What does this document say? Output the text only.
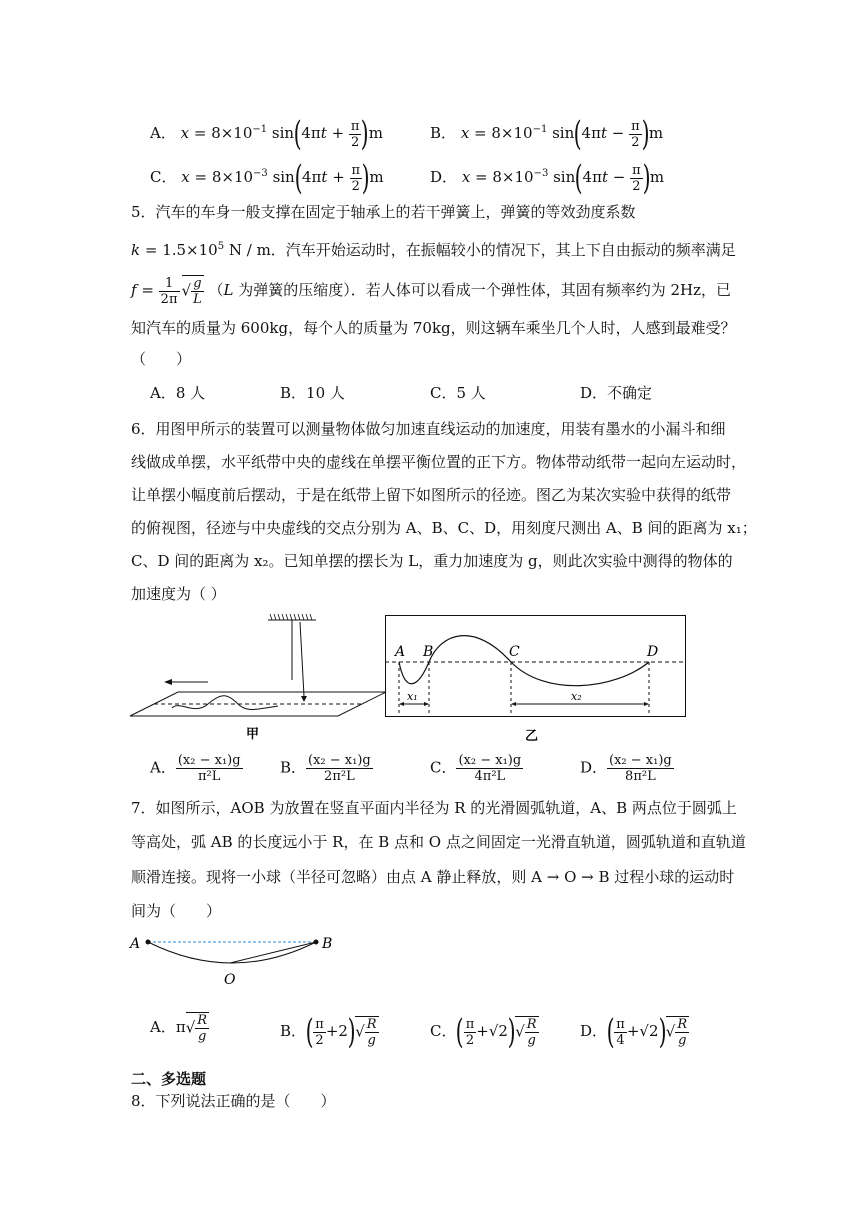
A． $x = 8\times 10^{-1}$ $\sin(4\pi t + \frac{\pi}{2} )m$	B． $x = 8\times 10^{-1}$ $\sin(4\pi t - \frac{\pi}{2} )m$
C． $x = 8\times 10^{-3}$ $\sin(4\pi t + \frac{\pi}{2} )m$	D． $x = 8\times 10^{-3}$ $\sin(4\pi t - \frac{\pi}{2} )m$
5．汽车的车身一般支撑在固定于轴承上的若干弹簧上，弹簧的等效劲度系数
$k = 1.5\times 10^5$ N / m．汽车开始运动时，在振幅较小的情况下，其上下自由振动的频率满足
$f = \frac{1}{2\pi}$ √ $\frac{g}{L} (L$ 为弹簧的压缩度）．若人体可以看成一个弹性体，其固有频率约为 2Hz，已
知汽车的质量为 600kg，每个人的质量为 70kg，则这辆车乘坐几个人时，人感到最难受？
（　　）
A．8 人	B．10 人	C．5 人	D．不确定
6．用图甲所示的装置可以测量物体做匀加速直线运动的加速度，用装有墨水的小漏斗和细
线做成单摆，水平纸带中央的虚线在单摆平衡位置的正下方。物体带动纸带一起向左运动时，
让单摆小幅度前后摆动，于是在纸带上留下如图所示的径迹。图乙为某次实验中获得的纸带
的俯视图，径迹与中央虚线的交点分别为 A、B、C、D，用刻度尺测出 A、B 间的距离为 x₁；
C、D 间的距离为 x₂。已知单摆的摆长为 L，重力加速度为 g，则此次实验中测得的物体的
加速度为（ ）
甲
A B	C	D
x₁	x₂
乙
A． $\frac{\text{(x₂ − x₁)g}}{\text{π²L}}$ B． $\frac{\text{(x₂ − x₁)g}}{\text{2π²L}}$	C． $\frac{\text{(x₂ − x₁)g}}{\text{4π²L}}$	D． $\frac{\text{(x₂ − x₁)g}}{\text{8π²L}}$
7．如图所示，AOB 为放置在竖直平面内半径为 R 的光滑圆弧轨道，A、B 两点位于圆弧上
等高处，弧 AB 的长度远小于 R，在 B 点和 O 点之间固定一光滑直轨道，圆弧轨道和直轨道
顺滑连接。现将一小球（半径可忽略）由点 A 静止释放，则 A → O → B 过程小球的运动时
间为（　　）
A	B
O
A．$\pi√ \frac{R}{g}$	B．( $\frac{\pi}{2} +2)√ \frac{R}{g}$	C．( $\frac{\pi}{2} +√2)√ \frac{R}{g}$	D．( $\frac{\pi}{4} +√2)√ \frac{R}{g}$
二、多选题
8．下列说法正确的是（　　）
